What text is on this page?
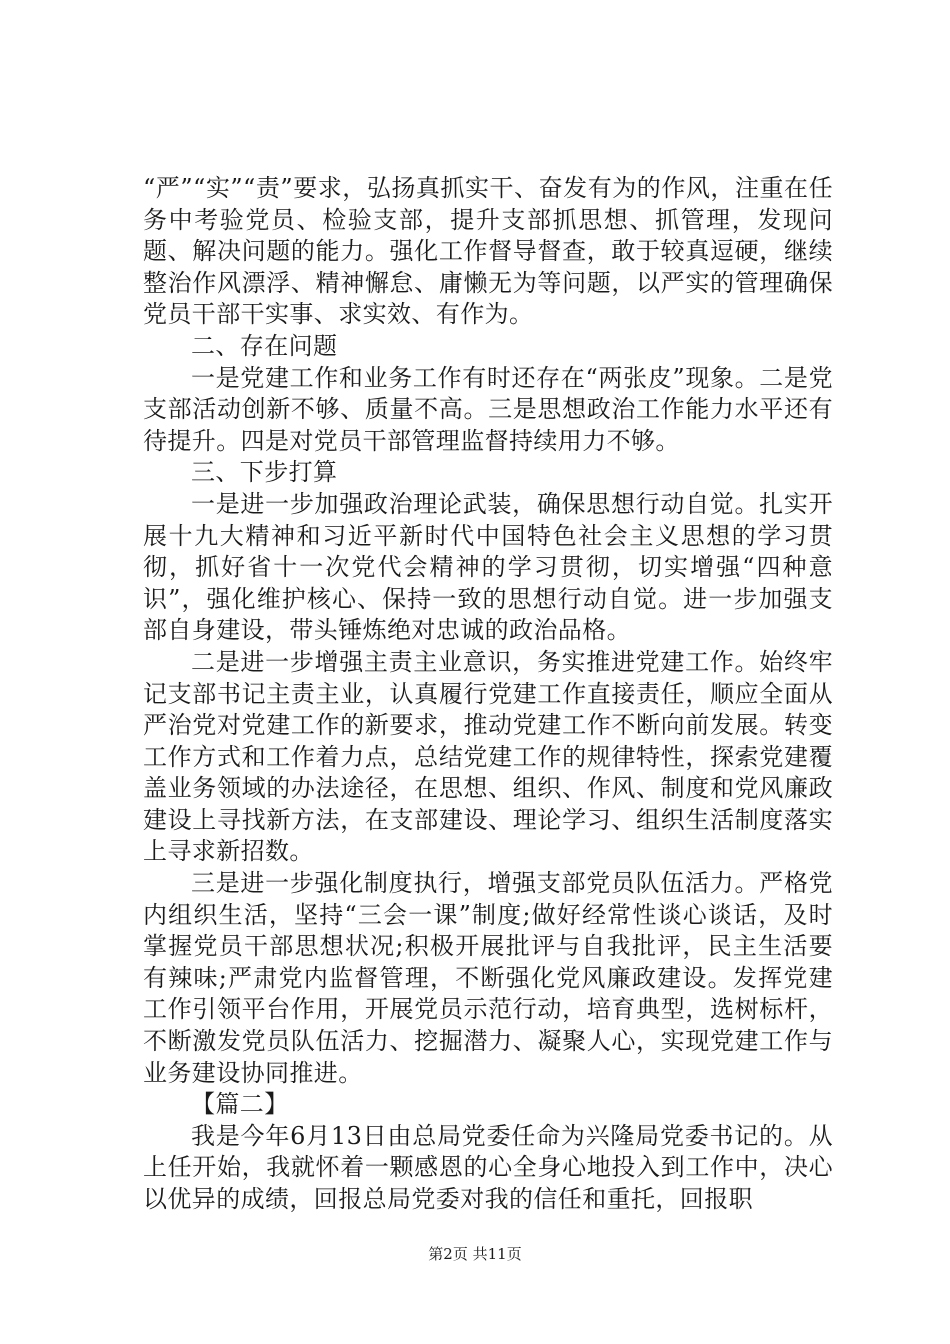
“严”“实”“责”要求，弘扬真抓实干、奋发有为的作风，注重在任务中考验党员、检验支部，提升支部抓思想、抓管理，发现问题、解决问题的能力。强化工作督导督查，敢于较真逗硬，继续整治作风漂浮、精神懈怠、庸懒无为等问题，以严实的管理确保党员干部干实事、求实效、有作为。

二、存在问题

一是党建工作和业务工作有时还存在“两张皮”现象。二是党支部活动创新不够、质量不高。三是思想政治工作能力水平还有待提升。四是对党员干部管理监督持续用力不够。

三、下步打算

一是进一步加强政治理论武装，确保思想行动自觉。扎实开展十九大精神和习近平新时代中国特色社会主义思想的学习贯彻，抓好省十一次党代会精神的学习贯彻，切实增强“四种意识”，强化维护核心、保持一致的思想行动自觉。进一步加强支部自身建设，带头锤炼绝对忠诚的政治品格。

二是进一步增强主责主业意识，务实推进党建工作。始终牢记支部书记主责主业，认真履行党建工作直接责任，顺应全面从严治党对党建工作的新要求，推动党建工作不断向前发展。转变工作方式和工作着力点，总结党建工作的规律特性，探索党建覆盖业务领域的办法途径，在思想、组织、作风、制度和党风廉政建设上寻找新方法，在支部建设、理论学习、组织生活制度落实上寻求新招数。

三是进一步强化制度执行，增强支部党员队伍活力。严格党内组织生活，坚持“三会一课”制度;做好经常性谈心谈话，及时掌握党员干部思想状况;积极开展批评与自我批评，民主生活要有辣味;严肃党内监督管理，不断强化党风廉政建设。发挥党建工作引领平台作用，开展党员示范行动，培育典型，选树标杆，不断激发党员队伍活力、挖掘潜力、凝聚人心，实现党建工作与业务建设协同推进。

【篇二】

我是今年6月13日由总局党委任命为兴隆局党委书记的。从上任开始，我就怀着一颗感恩的心全身心地投入到工作中，决心以优异的成绩，回报总局党委对我的信任和重托，回报职

第2页 共11页
